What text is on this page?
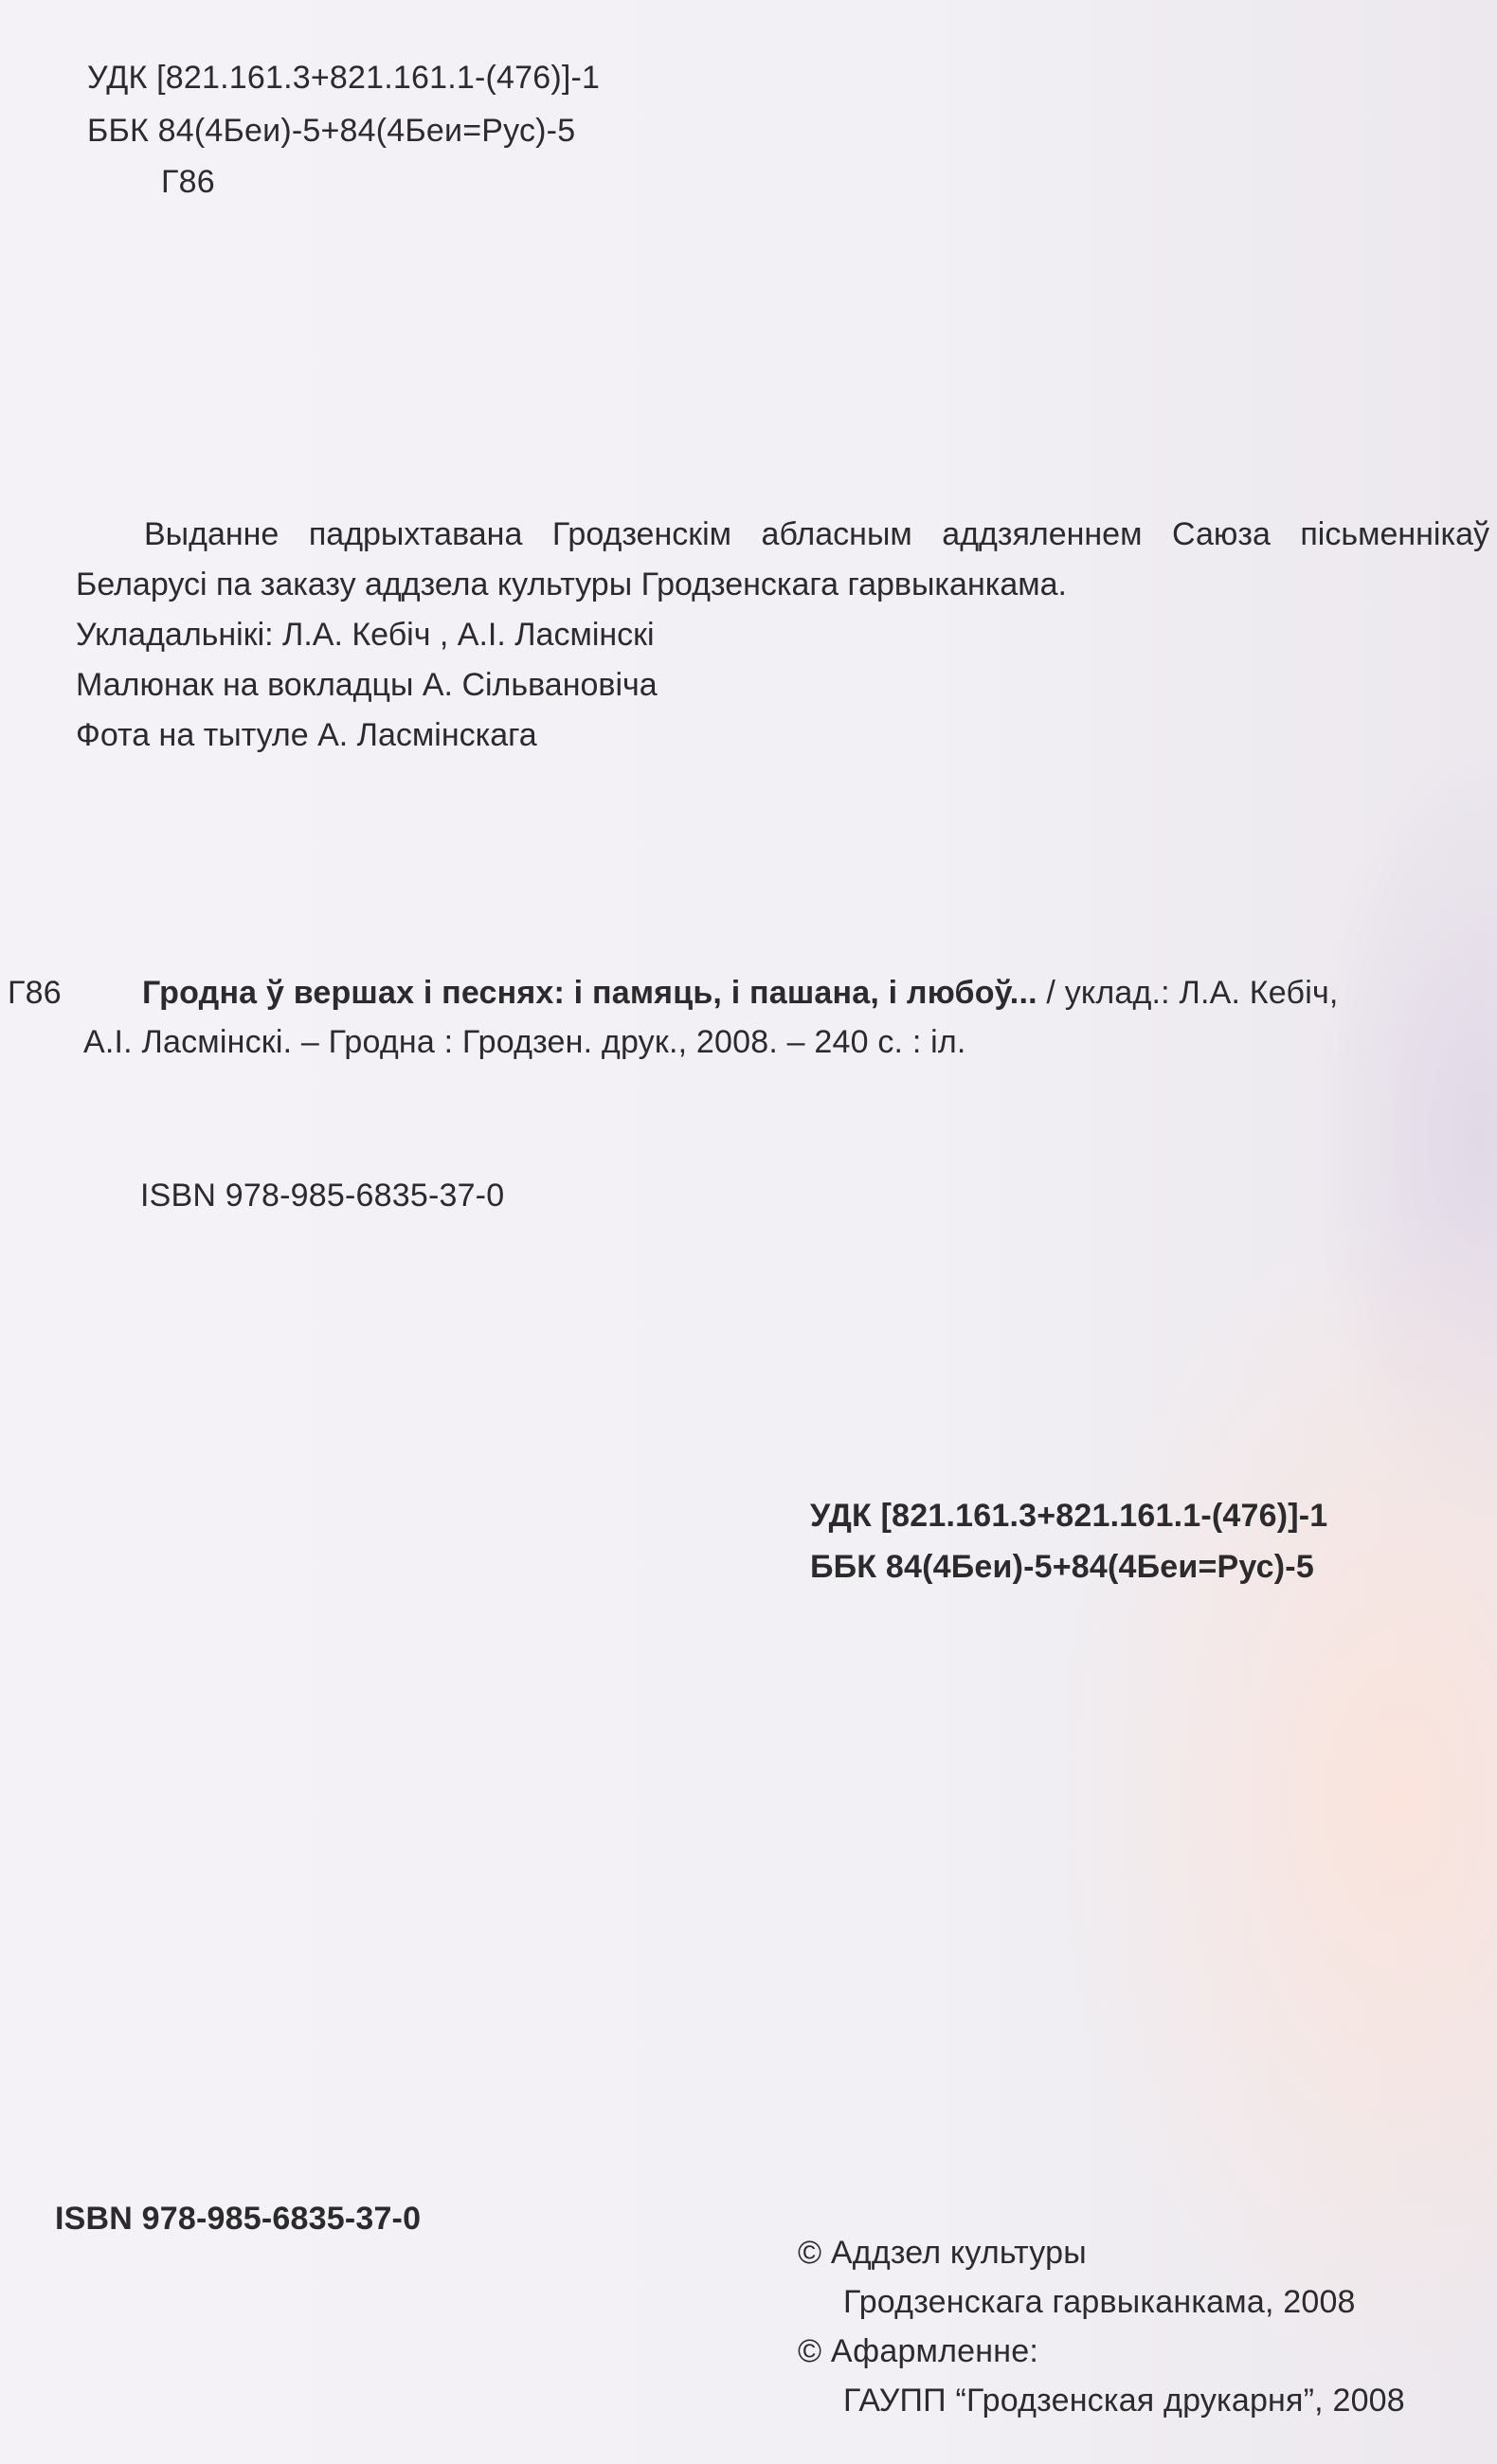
УДК [821.161.3+821.161.1-(476)]-1
ББК 84(4Беи)-5+84(4Беи=Рус)-5
Г86

Выданне падрыхтавана Гродзенскім абласным аддзяленнем Саюза пісьменнікаў Беларусі па заказу аддзела культуры Гродзенскага гарвыканкама.

Укладальнікі: Л.А. Кебіч , А.І. Ласмінскі

Малюнак на вокладцы А. Сільвановіча

Фота на тытуле А. Ласмінскага

Г86	Гродна ў вершах і песнях: і памяць, і пашана, і любоў... / уклад.: Л.А. Кебіч,
А.І. Ласмінскі. – Гродна : Гродзен. друк., 2008. – 240 с. : іл.
ISBN 978-985-6835-37-0
УДК [821.161.3+821.161.1-(476)]-1
ББК 84(4Беи)-5+84(4Беи=Рус)-5
ISBN 978-985-6835-37-0
© Аддзел культуры
Гродзенскага гарвыканкама, 2008
© Афармленне:
ГАУПП “Гродзенская друкарня”, 2008
